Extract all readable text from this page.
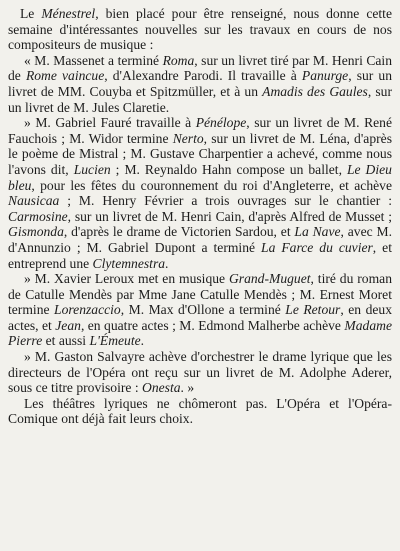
Le Ménestrel, bien placé pour être renseigné, nous donne cette semaine d'intéressantes nouvelles sur les travaux en cours de nos compositeurs de musique :

« M. Massenet a terminé Roma, sur un livret tiré par M. Henri Cain de Rome vaincue, d'Alexandre Parodi. Il travaille à Panurge, sur un livret de MM. Couyba et Spitzmüller, et à un Amadis des Gaules, sur un livret de M. Jules Claretie.

» M. Gabriel Fauré travaille à Pénélope, sur un livret de M. René Fauchois ; M. Widor termine Nerto, sur un livret de M. Léna, d'après le poème de Mistral ; M. Gustave Charpentier a achevé, comme nous l'avons dit, Lucien ; M. Reynaldo Hahn compose un ballet, Le Dieu bleu, pour les fêtes du couronnement du roi d'Angleterre, et achève Nausicaa ; M. Henry Février a trois ouvrages sur le chantier : Carmosine, sur un livret de M. Henri Cain, d'après Alfred de Musset ; Gismonda, d'après le drame de Victorien Sardou, et La Nave, avec M. d'Annunzio ; M. Gabriel Dupont a terminé La Farce du cuvier, et entreprend une Clytemnestra.

» M. Xavier Leroux met en musique Grand-Muguet, tiré du roman de Catulle Mendès par Mme Jane Catulle Mendès ; M. Ernest Moret termine Lorenzaccio, M. Max d'Ollone a terminé Le Retour, en deux actes, et Jean, en quatre actes ; M. Edmond Malherbe achève Madame Pierre et aussi L'Émeute.

» M. Gaston Salvayre achève d'orchestrer le drame lyrique que les directeurs de l'Opéra ont reçu sur un livret de M. Adolphe Aderer, sous ce titre provisoire : Onesta. »

Les théâtres lyriques ne chômeront pas. L'Opéra et l'Opéra-Comique ont déjà fait leurs choix.
